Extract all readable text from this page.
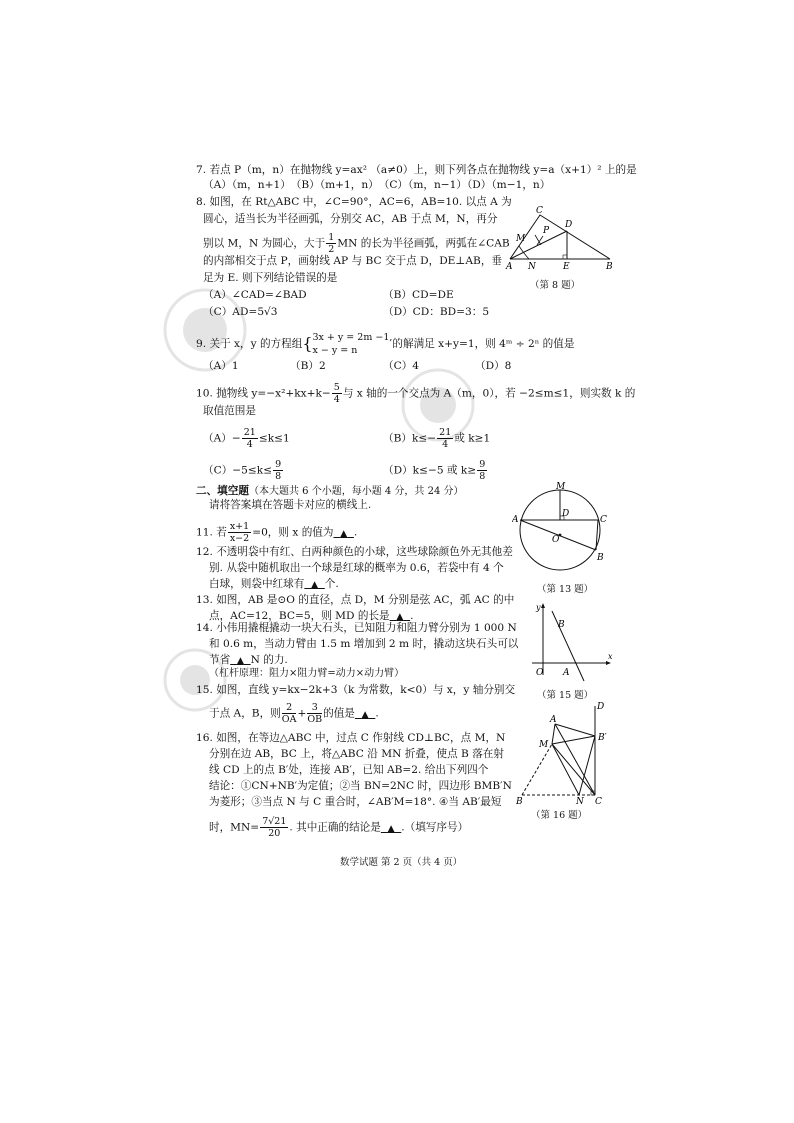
7. 若点 P（m，n）在抛物线 y=ax² （a≠0）上，则下列各点在抛物线 y=a（x+1）² 上的是
（A）（m，n+1）　（B）（m+1，n）　（C）（m，n−1）（D）（m−1，n）
8. 如图，在 Rt△ABC 中，∠C=90°，AC=6，AB=10. 以点 A 为
圆心，适当长为半径画弧，分别交 AC，AB 于点 M，N，再分
别以 M，N 为圆心，大于 $\frac{1}{2}$ MN 的长为半径画弧，两弧在∠CAB
的内部相交于点 P，画射线 AP 与 BC 交于点 D，DE⊥AB，垂
足为 E. 则下列结论错误的是
（A）∠CAD=∠BAD	（B）CD=DE
（C）AD=5√3	（D）CD：BD=3：5
A N	E	B
C
D
M
P
（第 8 题）
9. 关于 x，y 的方程组{ 3x + y = 2m −1,
x − y = n
的解满足 x+y=1，则 4ᵐ ÷ 2ⁿ 的值是
（A）1	（B）2	（C）4	（D）8
10. 抛物线 $y=-x^2+kx+k- \frac{5}{4}$ 与 x 轴的一个交点为 A（m，0），若 −2≤m≤1，则实数 k 的
取值范围是
$(A)- \frac{21}{4} \le k\le 1$	$(B)k\le- \frac{21}{4}$ 或 k≥1
$(C)-5\le k\le \frac{9}{8}$	（D）k≤−5 或 $k\ge \frac{9}{8}$
二、填空题（本大题共 6 个小题，每小题 4 分，共 24 分）
请将答案填在答题卡对应的横线上.
11. 若 $\frac{x+1}{x-2} =0$，则 x 的值为 ▲ .
12. 不透明袋中有红、白两种颜色的小球，这些球除颜色外无其他差
别. 从袋中随机取出一个球是红球的概率为 0.6，若袋中有 4 个
白球，则袋中红球有 ▲ 个.
A	C
M
D
O
B
（第 13 题）
13. 如图，AB 是⊙O 的直径，点 D，M 分别是弦 AC，弧 AC 的中
点，AC=12，BC=5，则 MD 的长是 ▲ .
14. 小伟用撬棍撬动一块大石头，已知阻力和阻力臂分别为 1 000 N
和 0.6 m，当动力臂由 1.5 m 增加到 2 m 时，撬动这块石头可以
节省 ▲ N 的力.
（杠杆原理：阻力×阻力臂=动力×动力臂）
y
x
B
O A
（第 15 题）
15. 如图，直线 y=kx−2k+3（k 为常数，k<0）与 x，y 轴分别交
于点 A，B，则 $\frac{2}{OA} + \frac{3}{OB}$ 的值是 ▲ .
D
A
B′
M
B	N C
（第 16 题）
16. 如图，在等边△ABC 中，过点 C 作射线 CD⊥BC，点 M，N
分别在边 AB，BC 上，将△ABC 沿 MN 折叠，使点 B 落在射
线 CD 上的点 B′处，连接 AB′，已知 AB=2. 给出下列四个
结论：①CN+NB′为定值；②当 BN=2NC 时，四边形 BMB′N
为菱形；③当点 N 与 C 重合时，∠AB′M=18°. ④当 AB′最短
时，$MN= \frac{7√21}{20}$ . 其中正确的结论是 ▲ .（填写序号）
数学试题 第 2 页（共 4 页）
